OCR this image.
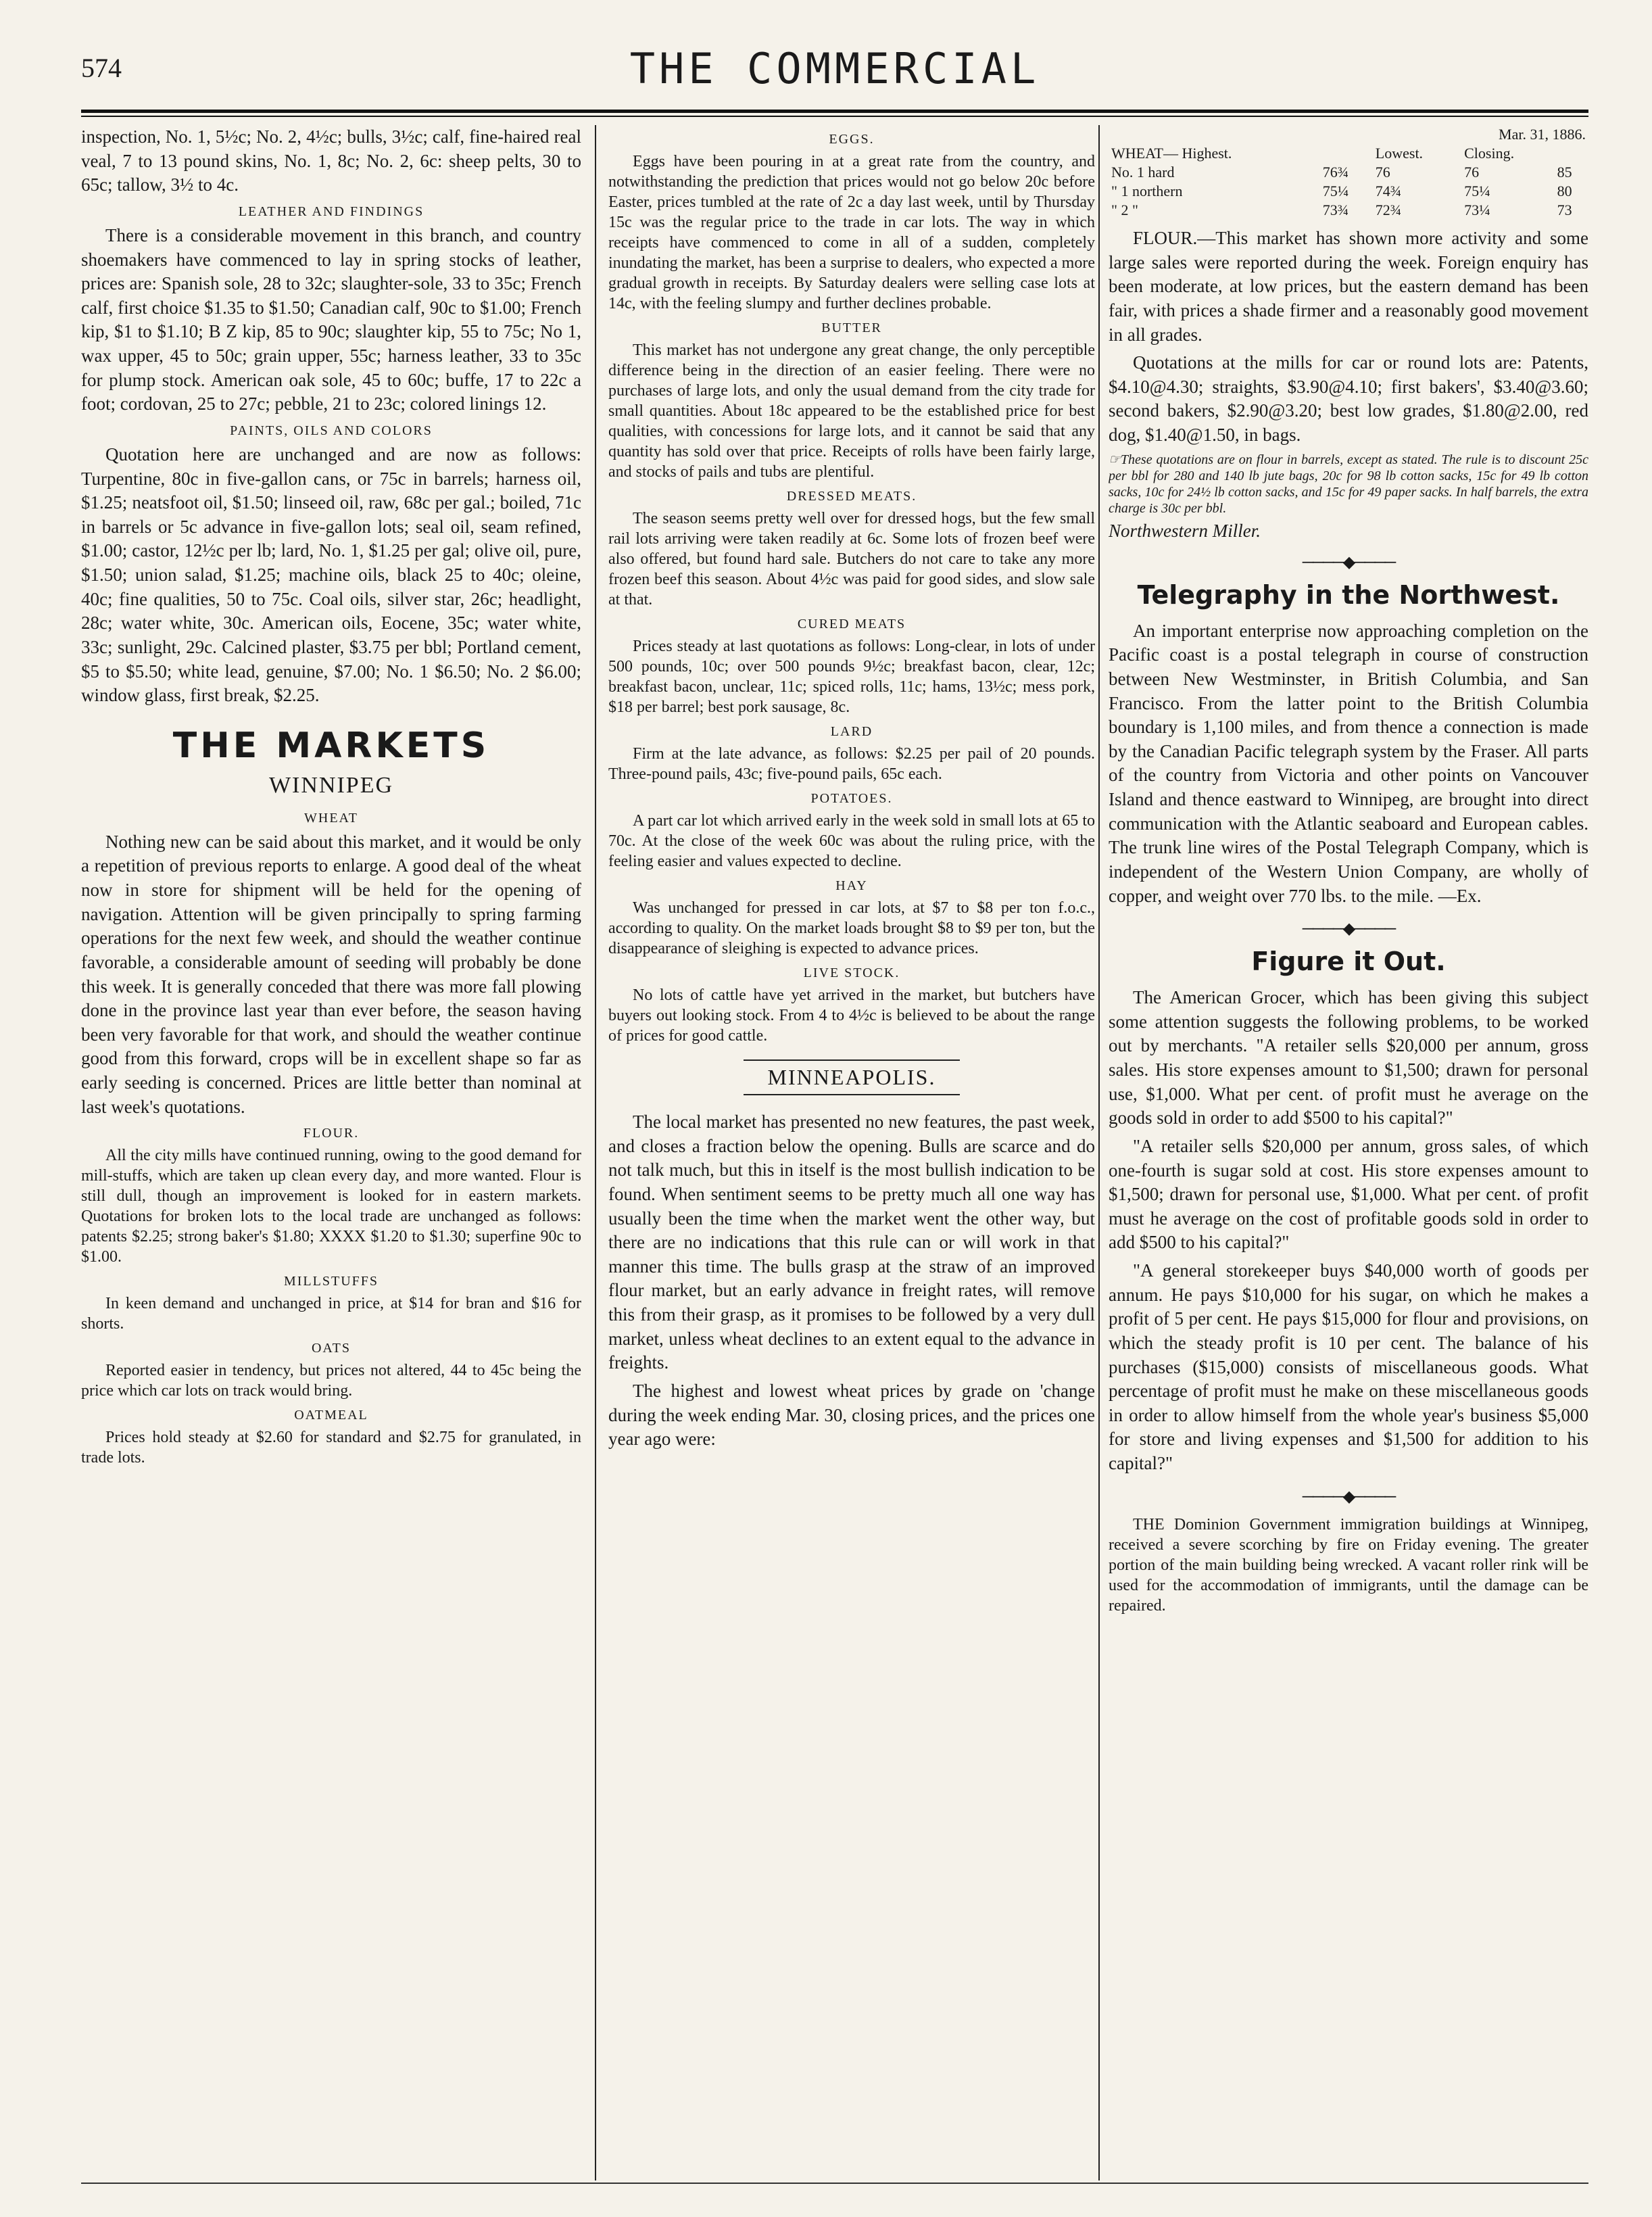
574	THE COMMERCIAL

inspection, No. 1, 5½c; No. 2, 4½c; bulls, 3½c; calf, fine-haired real veal, 7 to 13 pound skins, No. 1, 8c; No. 2, 6c: sheep pelts, 30 to 65c; tallow, 3½ to 4c.

LEATHER AND FINDINGS

There is a considerable movement in this branch, and country shoemakers have commenced to lay in spring stocks of leather, prices are: Spanish sole, 28 to 32c; slaughter-sole, 33 to 35c; French calf, first choice $1.35 to $1.50; Canadian calf, 90c to $1.00; French kip, $1 to $1.10; B Z kip, 85 to 90c; slaughter kip, 55 to 75c; No 1, wax upper, 45 to 50c; grain upper, 55c; harness leather, 33 to 35c for plump stock. American oak sole, 45 to 60c; buffe, 17 to 22c a foot; cordovan, 25 to 27c; pebble, 21 to 23c; colored linings 12.

PAINTS, OILS AND COLORS

Quotation here are unchanged and are now as follows: Turpentine, 80c in five-gallon cans, or 75c in barrels; harness oil, $1.25; neatsfoot oil, $1.50; linseed oil, raw, 68c per gal.; boiled, 71c in barrels or 5c advance in five-gallon lots; seal oil, seam refined, $1.00; castor, 12½c per lb; lard, No. 1, $1.25 per gal; olive oil, pure, $1.50; union salad, $1.25; machine oils, black 25 to 40c; oleine, 40c; fine qualities, 50 to 75c. Coal oils, silver star, 26c; headlight, 28c; water white, 30c. American oils, Eocene, 35c; water white, 33c; sunlight, 29c. Calcined plaster, $3.75 per bbl; Portland cement, $5 to $5.50; white lead, genuine, $7.00; No. 1 $6.50; No. 2 $6.00; window glass, first break, $2.25.

THE MARKETS
WINNIPEG
WHEAT

Nothing new can be said about this market, and it would be only a repetition of previous reports to enlarge. A good deal of the wheat now in store for shipment will be held for the opening of navigation. Attention will be given principally to spring farming operations for the next few week, and should the weather continue favorable, a considerable amount of seeding will probably be done this week. It is generally conceded that there was more fall plowing done in the province last year than ever before, the season having been very favorable for that work, and should the weather continue good from this forward, crops will be in excellent shape so far as early seeding is concerned. Prices are little better than nominal at last week's quotations.

FLOUR.

All the city mills have continued running, owing to the good demand for mill-stuffs, which are taken up clean every day, and more wanted. Flour is still dull, though an improvement is looked for in eastern markets. Quotations for broken lots to the local trade are unchanged as follows: patents $2.25; strong baker's $1.80; XXXX $1.20 to $1.30; superfine 90c to $1.00.

MILLSTUFFS

In keen demand and unchanged in price, at $14 for bran and $16 for shorts.

OATS

Reported easier in tendency, but prices not altered, 44 to 45c being the price which car lots on track would bring.

OATMEAL

Prices hold steady at $2.60 for standard and $2.75 for granulated, in trade lots.

EGGS.

Eggs have been pouring in at a great rate from the country, and notwithstanding the prediction that prices would not go below 20c before Easter, prices tumbled at the rate of 2c a day last week, until by Thursday 15c was the regular price to the trade in car lots. The way in which receipts have commenced to come in all of a sudden, completely inundating the market, has been a surprise to dealers, who expected a more gradual growth in receipts. By Saturday dealers were selling case lots at 14c, with the feeling slumpy and further declines probable.

BUTTER

This market has not undergone any great change, the only perceptible difference being in the direction of an easier feeling. There were no purchases of large lots, and only the usual demand from the city trade for small quantities. About 18c appeared to be the established price for best qualities, with concessions for large lots, and it cannot be said that any quantity has sold over that price. Receipts of rolls have been fairly large, and stocks of pails and tubs are plentiful.

DRESSED MEATS.

The season seems pretty well over for dressed hogs, but the few small rail lots arriving were taken readily at 6c. Some lots of frozen beef were also offered, but found hard sale. Butchers do not care to take any more frozen beef this season. About 4½c was paid for good sides, and slow sale at that.

CURED MEATS

Prices steady at last quotations as follows: Long-clear, in lots of under 500 pounds, 10c; over 500 pounds 9½c; breakfast bacon, clear, 12c; breakfast bacon, unclear, 11c; spiced rolls, 11c; hams, 13½c; mess pork, $18 per barrel; best pork sausage, 8c.

LARD

Firm at the late advance, as follows: $2.25 per pail of 20 pounds. Three-pound pails, 43c; five-pound pails, 65c each.

POTATOES.

A part car lot which arrived early in the week sold in small lots at 65 to 70c. At the close of the week 60c was about the ruling price, with the feeling easier and values expected to decline.

HAY

Was unchanged for pressed in car lots, at $7 to $8 per ton f.o.c., according to quality. On the market loads brought $8 to $9 per ton, but the disappearance of sleighing is expected to advance prices.

LIVE STOCK.

No lots of cattle have yet arrived in the market, but butchers have buyers out looking stock. From 4 to 4½c is believed to be about the range of prices for good cattle.

MINNEAPOLIS.

The local market has presented no new features, the past week, and closes a fraction below the opening. Bulls are scarce and do not talk much, but this in itself is the most bullish indication to be found. When sentiment seems to be pretty much all one way has usually been the time when the market went the other way, but there are no indications that this rule can or will work in that manner this time. The bulls grasp at the straw of an improved flour market, but an early advance in freight rates, will remove this from their grasp, as it promises to be followed by a very dull market, unless wheat declines to an extent equal to the advance in freights.

The highest and lowest wheat prices by grade on 'change during the week ending Mar. 30, closing prices, and the prices one year ago were:

Mar. 31, 1886.				
WHEAT— Highest.		Lowest.	Closing.	
No. 1 hard	76¾	76	76	85
" 1 northern	75¼	74¾	75¼	80
" 2 "	73¾	72¾	73¼	73

FLOUR.—This market has shown more activity and some large sales were reported during the week. Foreign enquiry has been moderate, at low prices, but the eastern demand has been fair, with prices a shade firmer and a reasonably good movement in all grades.

Quotations at the mills for car or round lots are: Patents, $4.10@4.30; straights, $3.90@4.10; first bakers', $3.40@3.60; second bakers, $2.90@3.20; best low grades, $1.80@2.00, red dog, $1.40@1.50, in bags.

☞These quotations are on flour in barrels, except as stated. The rule is to discount 25c per bbl for 280 and 140 lb jute bags, 20c for 98 lb cotton sacks, 15c for 49 lb cotton sacks, 10c for 24½ lb cotton sacks, and 15c for 49 paper sacks. In half barrels, the extra charge is 30c per bbl.

Northwestern Miller.
────◆────
Telegraphy in the Northwest.

An important enterprise now approaching completion on the Pacific coast is a postal telegraph in course of construction between New Westminster, in British Columbia, and San Francisco. From the latter point to the British Columbia boundary is 1,100 miles, and from thence a connection is made by the Canadian Pacific telegraph system by the Fraser. All parts of the country from Victoria and other points on Vancouver Island and thence eastward to Winnipeg, are brought into direct communication with the Atlantic seaboard and European cables. The trunk line wires of the Postal Telegraph Company, which is independent of the Western Union Company, are wholly of copper, and weight over 770 lbs. to the mile. —Ex.

────◆────
Figure it Out.

The American Grocer, which has been giving this subject some attention suggests the following problems, to be worked out by merchants. "A retailer sells $20,000 per annum, gross sales. His store expenses amount to $1,500; drawn for personal use, $1,000. What per cent. of profit must he average on the goods sold in order to add $500 to his capital?"

"A retailer sells $20,000 per annum, gross sales, of which one-fourth is sugar sold at cost. His store expenses amount to $1,500; drawn for personal use, $1,000. What per cent. of profit must he average on the cost of profitable goods sold in order to add $500 to his capital?"

"A general storekeeper buys $40,000 worth of goods per annum. He pays $10,000 for his sugar, on which he makes a profit of 5 per cent. He pays $15,000 for flour and provisions, on which the steady profit is 10 per cent. The balance of his purchases ($15,000) consists of miscellaneous goods. What percentage of profit must he make on these miscellaneous goods in order to allow himself from the whole year's business $5,000 for store and living expenses and $1,500 for addition to his capital?"

────◆────

THE Dominion Government immigration buildings at Winnipeg, received a severe scorching by fire on Friday evening. The greater portion of the main building being wrecked. A vacant roller rink will be used for the accommodation of immigrants, until the damage can be repaired.
